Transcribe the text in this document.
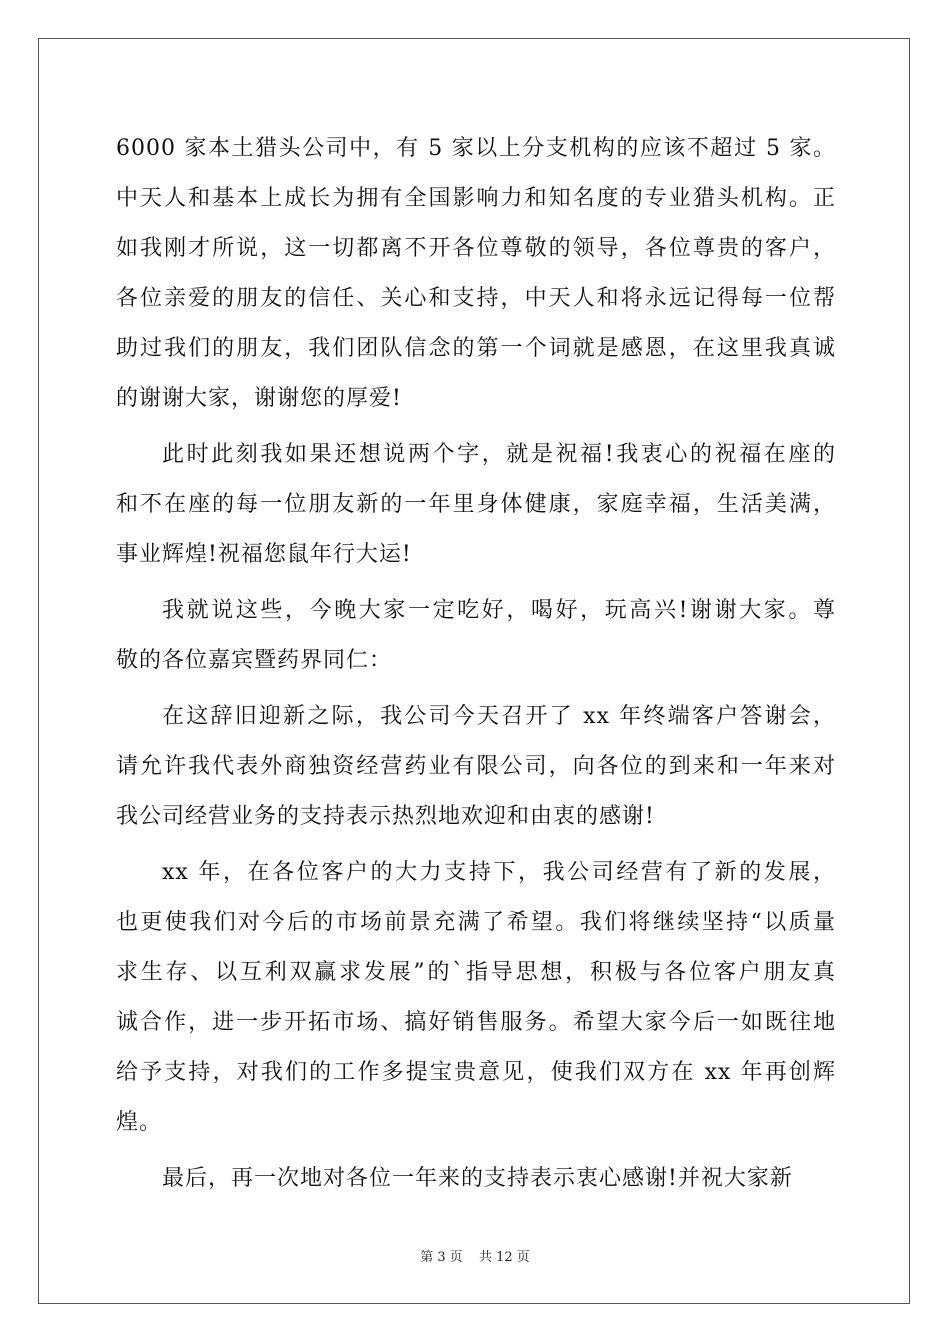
6000 家本土猎头公司中，有 5 家以上分支机构的应该不超过 5 家。
中天人和基本上成长为拥有全国影响力和知名度的专业猎头机构。正
如我刚才所说，这一切都离不开各位尊敬的领导，各位尊贵的客户，
各位亲爱的朋友的信任、关心和支持，中天人和将永远记得每一位帮
助过我们的朋友，我们团队信念的第一个词就是感恩，在这里我真诚
的谢谢大家，谢谢您的厚爱!
此时此刻我如果还想说两个字，就是祝福!我衷心的祝福在座的
和不在座的每一位朋友新的一年里身体健康，家庭幸福，生活美满，
事业辉煌!祝福您鼠年行大运!
我就说这些，今晚大家一定吃好，喝好，玩高兴!谢谢大家。尊
敬的各位嘉宾暨药界同仁：
在这辞旧迎新之际，我公司今天召开了 xx 年终端客户答谢会，
请允许我代表外商独资经营药业有限公司，向各位的到来和一年来对
我公司经营业务的支持表示热烈地欢迎和由衷的感谢!
xx 年，在各位客户的大力支持下，我公司经营有了新的发展，
也更使我们对今后的市场前景充满了希望。我们将继续坚持“以质量
求生存、以互利双赢求发展”的`指导思想，积极与各位客户朋友真
诚合作，进一步开拓市场、搞好销售服务。希望大家今后一如既往地
给予支持，对我们的工作多提宝贵意见，使我们双方在 xx 年再创辉
煌。
最后，再一次地对各位一年来的支持表示衷心感谢!并祝大家新
第 3 页 共 12 页
